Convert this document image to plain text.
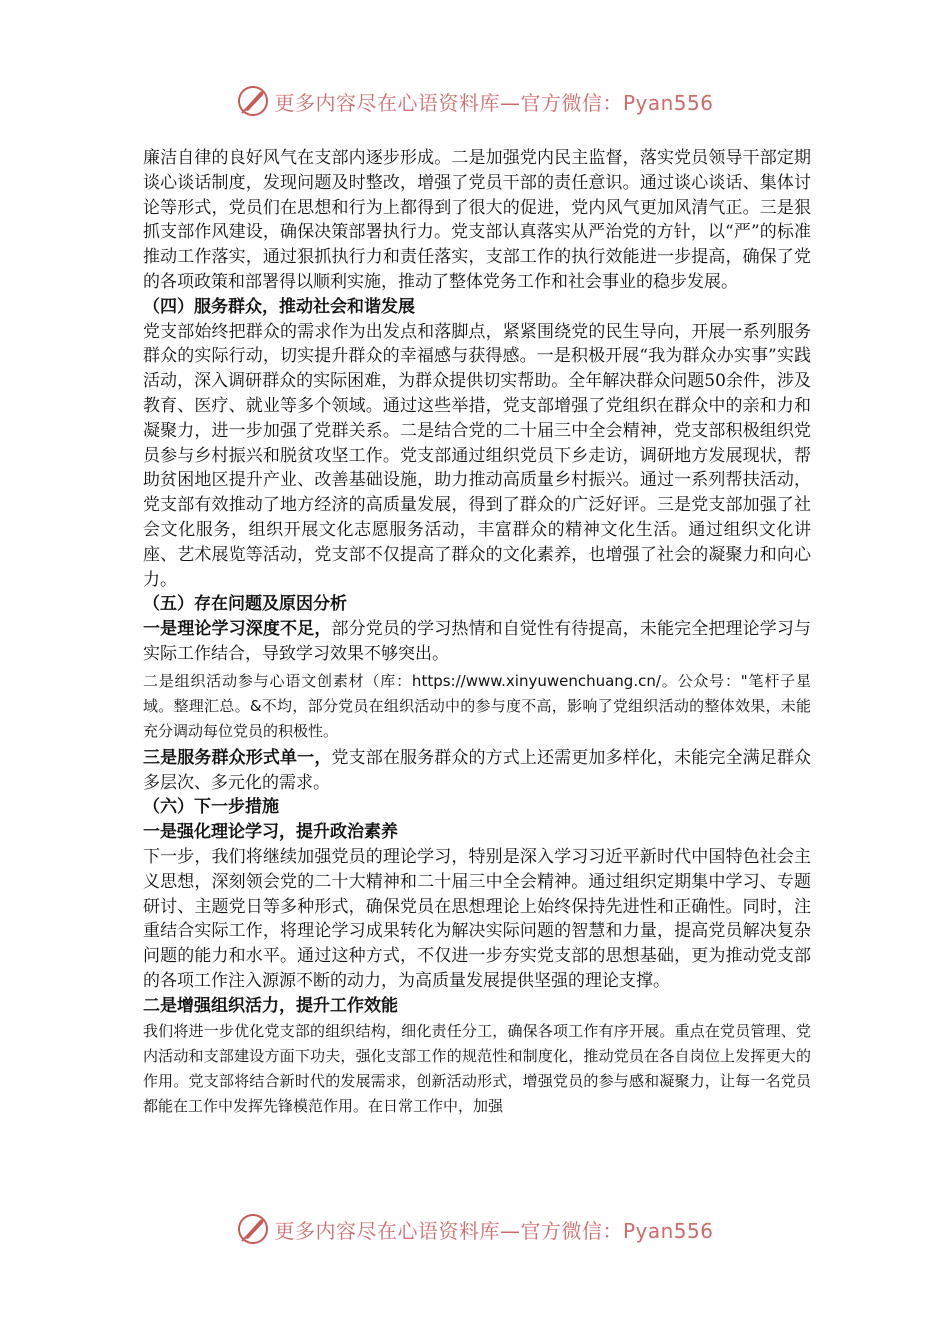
更多内容尽在心语资料库—官方微信：Pyan556

廉洁自律的良好风气在支部内逐步形成。二是加强党内民主监督，落实党员领导干部定期谈心谈话制度，发现问题及时整改，增强了党员干部的责任意识。通过谈心谈话、集体讨论等形式，党员们在思想和行为上都得到了很大的促进，党内风气更加风清气正。三是狠抓支部作风建设，确保决策部署执行力。党支部认真落实从严治党的方针，以“严”的标准推动工作落实，通过狠抓执行力和责任落实，支部工作的执行效能进一步提高，确保了党的各项政策和部署得以顺利实施，推动了整体党务工作和社会事业的稳步发展。

（四）服务群众，推动社会和谐发展

党支部始终把群众的需求作为出发点和落脚点，紧紧围绕党的民生导向，开展一系列服务群众的实际行动，切实提升群众的幸福感与获得感。一是积极开展“我为群众办实事”实践活动，深入调研群众的实际困难，为群众提供切实帮助。全年解决群众问题50余件，涉及教育、医疗、就业等多个领域。通过这些举措，党支部增强了党组织在群众中的亲和力和凝聚力，进一步加强了党群关系。二是结合党的二十届三中全会精神，党支部积极组织党员参与乡村振兴和脱贫攻坚工作。党支部通过组织党员下乡走访，调研地方发展现状，帮助贫困地区提升产业、改善基础设施，助力推动高质量乡村振兴。通过一系列帮扶活动，党支部有效推动了地方经济的高质量发展，得到了群众的广泛好评。三是党支部加强了社会文化服务，组织开展文化志愿服务活动，丰富群众的精神文化生活。通过组织文化讲座、艺术展览等活动，党支部不仅提高了群众的文化素养，也增强了社会的凝聚力和向心力。

（五）存在问题及原因分析

一是理论学习深度不足，部分党员的学习热情和自觉性有待提高，未能完全把理论学习与实际工作结合，导致学习效果不够突出。

二是组织活动参与心语文创素材（库：https://www.xinyuwenchuang.cn/。公众号："笔杆子星域。整理汇总。&不均，部分党员在组织活动中的参与度不高，影响了党组织活动的整体效果，未能充分调动每位党员的积极性。

三是服务群众形式单一，党支部在服务群众的方式上还需更加多样化，未能完全满足群众多层次、多元化的需求。

（六）下一步措施

一是强化理论学习，提升政治素养

下一步，我们将继续加强党员的理论学习，特别是深入学习习近平新时代中国特色社会主义思想，深刻领会党的二十大精神和二十届三中全会精神。通过组织定期集中学习、专题研讨、主题党日等多种形式，确保党员在思想理论上始终保持先进性和正确性。同时，注重结合实际工作，将理论学习成果转化为解决实际问题的智慧和力量，提高党员解决复杂问题的能力和水平。通过这种方式，不仅进一步夯实党支部的思想基础，更为推动党支部的各项工作注入源源不断的动力，为高质量发展提供坚强的理论支撑。

二是增强组织活力，提升工作效能

我们将进一步优化党支部的组织结构，细化责任分工，确保各项工作有序开展。重点在党员管理、党内活动和支部建设方面下功夫，强化支部工作的规范性和制度化，推动党员在各自岗位上发挥更大的作用。党支部将结合新时代的发展需求，创新活动形式，增强党员的参与感和凝聚力，让每一名党员都能在工作中发挥先锋模范作用。在日常工作中，加强

更多内容尽在心语资料库—官方微信：Pyan556
